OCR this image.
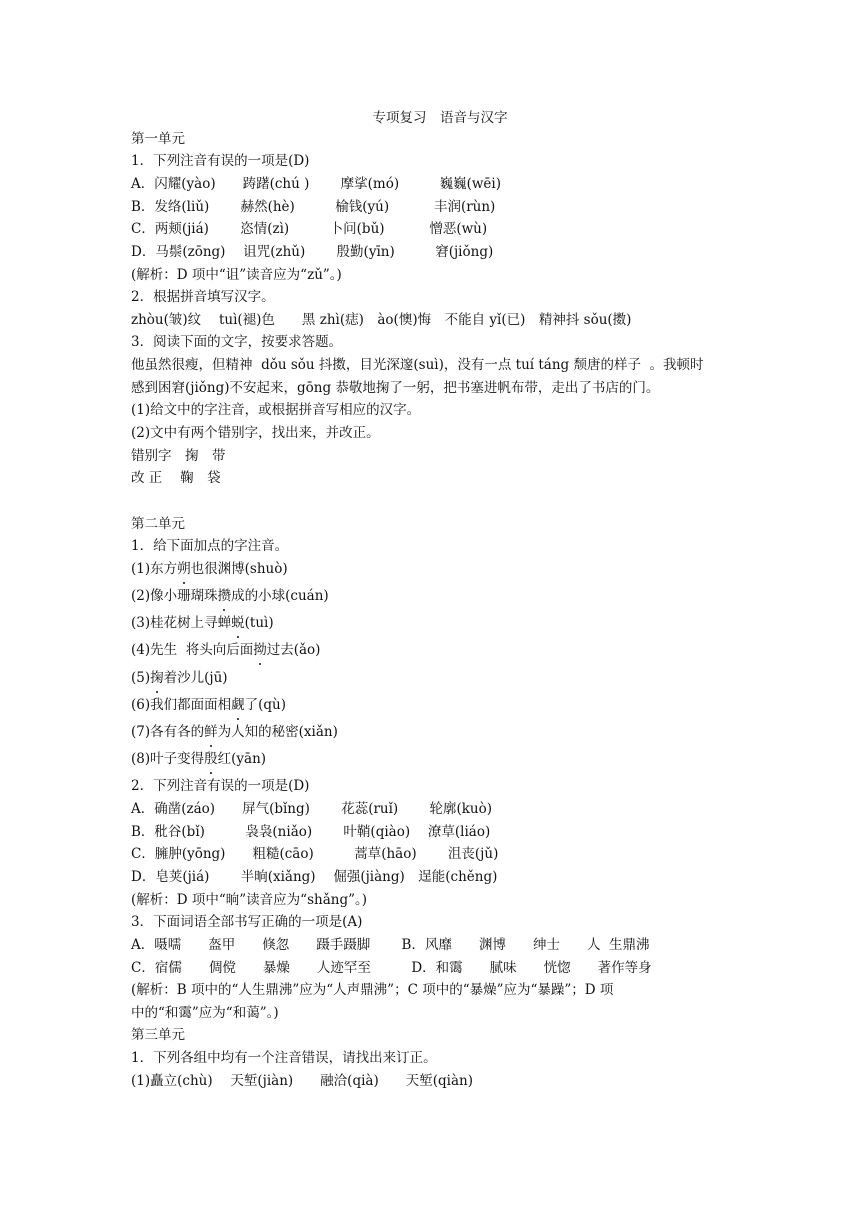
专项复习　语音与汉字
第一单元
1．下列注音有误的一项是(D)
A．闪耀(yào)　　踌躇(chú )　　 摩挲(mó)　　　巍巍(wēi)
B．发络(liǔ)　　 赫然(hè)　　　榆钱(yú)　　　 丰润(rùn)
C．两颊(jiá)　　 恣情(zì)　　　卜问(bǔ)　　　 憎恶(wù)
D．马鬃(zōng)　 诅咒(zhǔ)　　 殷勤(yīn)　　　窘(jiǒng)
(解析：D 项中“诅”读音应为“zǔ”。)
2．根据拼音填写汉字。
zhòu(皱)纹　 tuì(褪)色　　黑 zhì(痣)　ào(懊)悔　不能自 yǐ(已)　精神抖 sǒu(擞)
3．阅读下面的文字，按要求答题。
他虽然很瘦，但精神  dǒu sǒu 抖擞，目光深邃(suì)，没有一点 tuí táng 颓唐的样子  。我顿时
感到困窘(jiǒng)不安起来，gōng 恭敬地掬了一躬，把书塞进帆布带，走出了书店的门。
(1)给文中的字注音，或根据拼音写相应的汉字。
(2)文中有两个错别字，找出来，并改正。
错别字　掬　带
改 正　 鞠　袋
第二单元
1．给下面加点的字注音。
(1)东方朔也很渊博(shuò)
(2)像小珊瑚珠攒成的小球(cuán)
(3)桂花树上寻蝉蜕(tuì)
(4)先生  将头向后面拗过去(ǎo)
(5)掬着沙儿(jū)
(6)我们都面面相觑了(qù)
(7)各有各的鲜为人知的秘密(xiǎn)
(8)叶子变得殷红(yān)
2．下列注音有误的一项是(D)
A．确凿(záo)　　屏气(bǐng)　　 花蕊(ruǐ)　　 轮廓(kuò)
B．秕谷(bǐ)　　　袅袅(niǎo)　　 叶鞘(qiào)　 潦草(liáo)
C．臃肿(yōng)　　粗糙(cāo)　　　蒿草(hāo)　　 沮丧(jǔ)
D．皂荚(jiá)　　 半晌(xiǎng)　 倔强(jiàng)　逞能(chěng)
(解析：D 项中“晌”读音应为“shǎng”。)
3．下面词语全部书写正确的一项是(A)
A．嗫嚅　　盔甲　　倏忽　　蹑手蹑脚　　 B．风靡　　渊博　　绅士　　人  生鼎沸
C．宿儒　　倜傥　　暴燥　　人迹罕至　　　D．和霭　　腻味　　恍惚　　著作等身
(解析：B 项中的“人生鼎沸”应为“人声鼎沸”；C 项中的“暴燥”应为“暴躁”；D 项
中的“和霭”应为“和蔼”。)
第三单元
1．下列各组中均有一个注音错误，请找出来订正。
(1)矗立(chù)　 天堑(jiàn)　　融洽(qià)　　天堑(qiàn)
